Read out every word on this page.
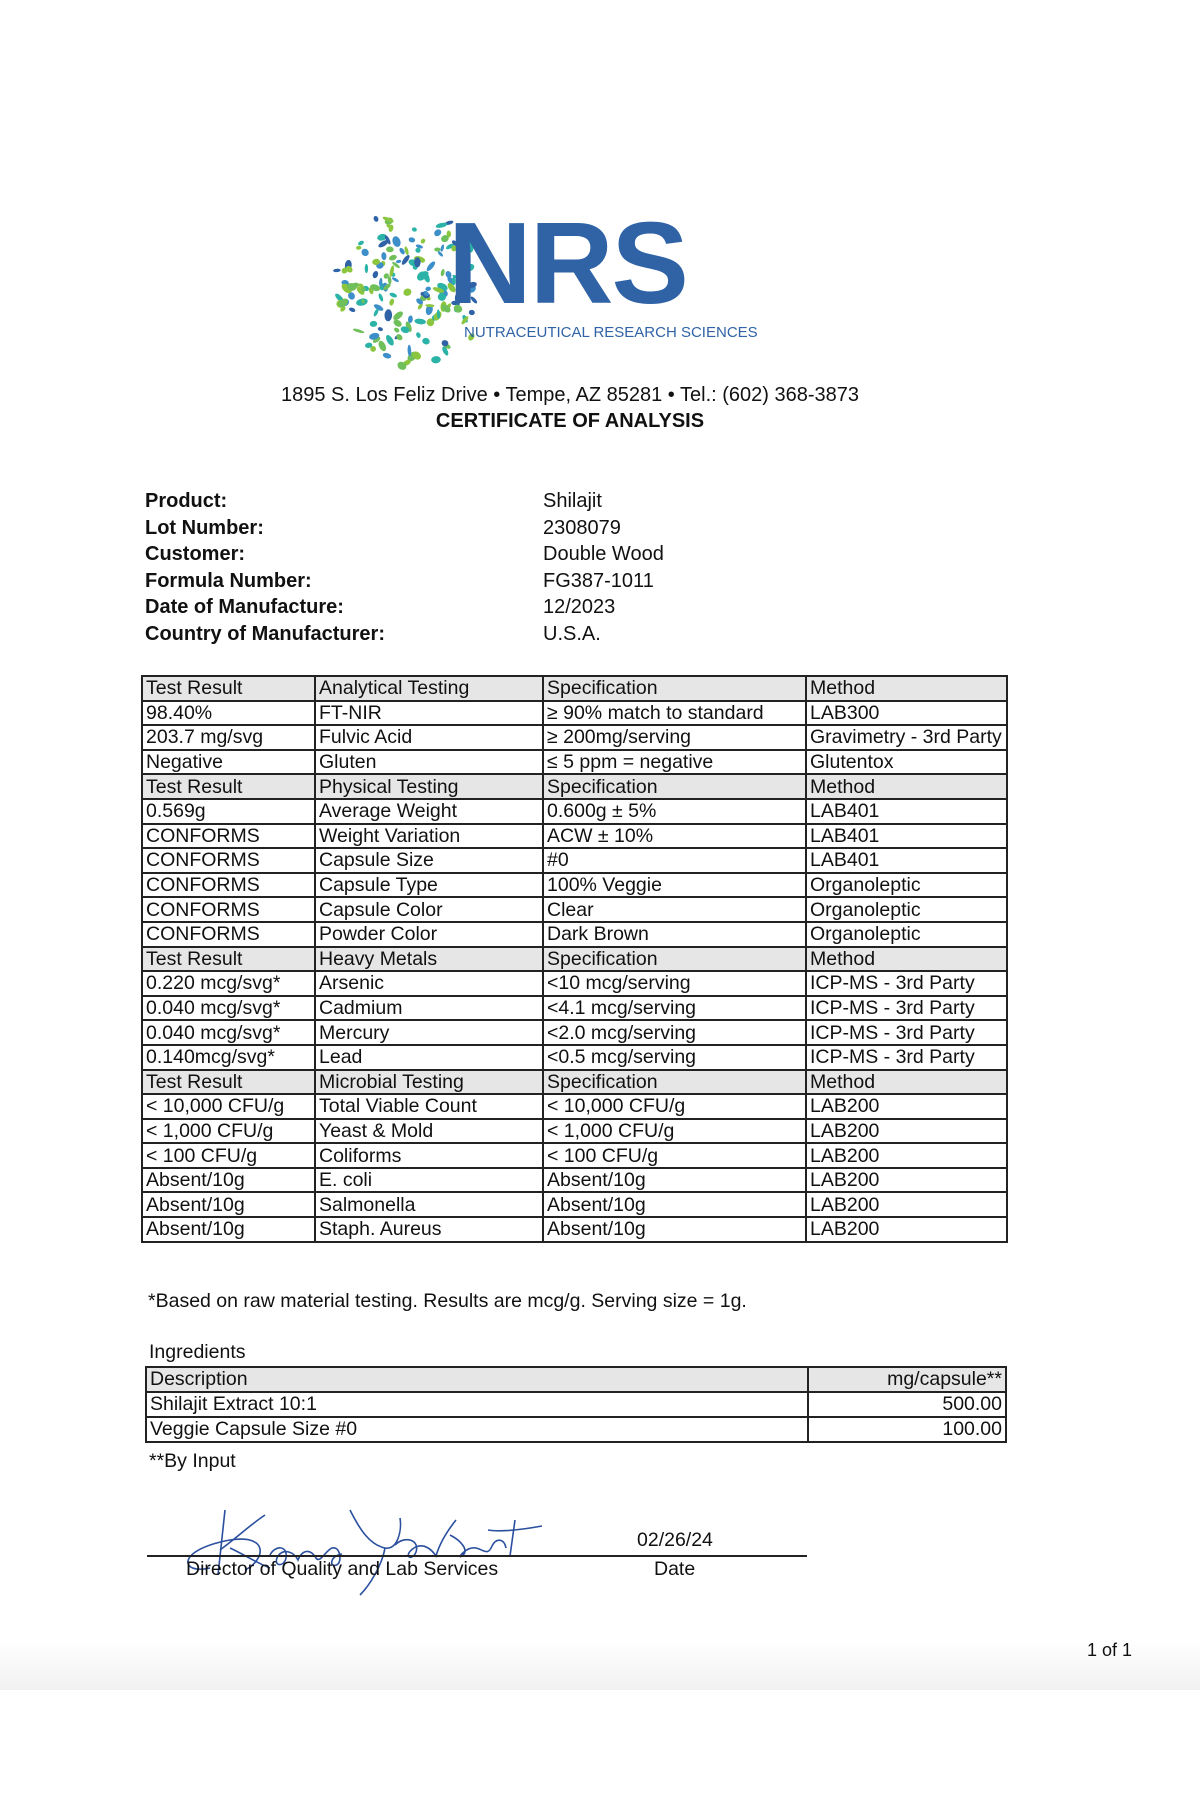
NRS
NUTRACEUTICAL RESEARCH SCIENCES
1895 S. Los Feliz Drive • Tempe, AZ 85281 • Tel.: (602) 368-3873
CERTIFICATE OF ANALYSIS
Product:	Shilajit
Lot Number:	2308079
Customer:	Double Wood
Formula Number:	FG387-1011
Date of Manufacture:	12/2023
Country of Manufacturer:	U.S.A.
Test Result	Analytical Testing	Specification	Method
98.40%	FT-NIR	≥ 90% match to standard	LAB300
203.7 mg/svg	Fulvic Acid	≥ 200mg/serving	Gravimetry - 3rd Party
Negative	Gluten	≤ 5 ppm = negative	Glutentox
Test Result	Physical Testing	Specification	Method
0.569g	Average Weight	0.600g ± 5%	LAB401
CONFORMS	Weight Variation	ACW ± 10%	LAB401
CONFORMS	Capsule Size	#0	LAB401
CONFORMS	Capsule Type	100% Veggie	Organoleptic
CONFORMS	Capsule Color	Clear	Organoleptic
CONFORMS	Powder Color	Dark Brown	Organoleptic
Test Result	Heavy Metals	Specification	Method
0.220 mcg/svg*	Arsenic	<10 mcg/serving	ICP-MS - 3rd Party
0.040 mcg/svg*	Cadmium	<4.1 mcg/serving	ICP-MS - 3rd Party
0.040 mcg/svg*	Mercury	<2.0 mcg/serving	ICP-MS - 3rd Party
0.140mcg/svg*	Lead	<0.5 mcg/serving	ICP-MS - 3rd Party
Test Result	Microbial Testing	Specification	Method
< 10,000 CFU/g	Total Viable Count	< 10,000 CFU/g	LAB200
< 1,000 CFU/g	Yeast & Mold	< 1,000 CFU/g	LAB200
< 100 CFU/g	Coliforms	< 100 CFU/g	LAB200
Absent/10g	E. coli	Absent/10g	LAB200
Absent/10g	Salmonella	Absent/10g	LAB200
Absent/10g	Staph. Aureus	Absent/10g	LAB200
*Based on raw material testing. Results are mcg/g. Serving size = 1g.
Ingredients
Description	mg/capsule**
Shilajit Extract 10:1	500.00
Veggie Capsule Size #0	100.00
**By Input
Director of Quality and Lab Services
02/26/24
Date
1 of 1
